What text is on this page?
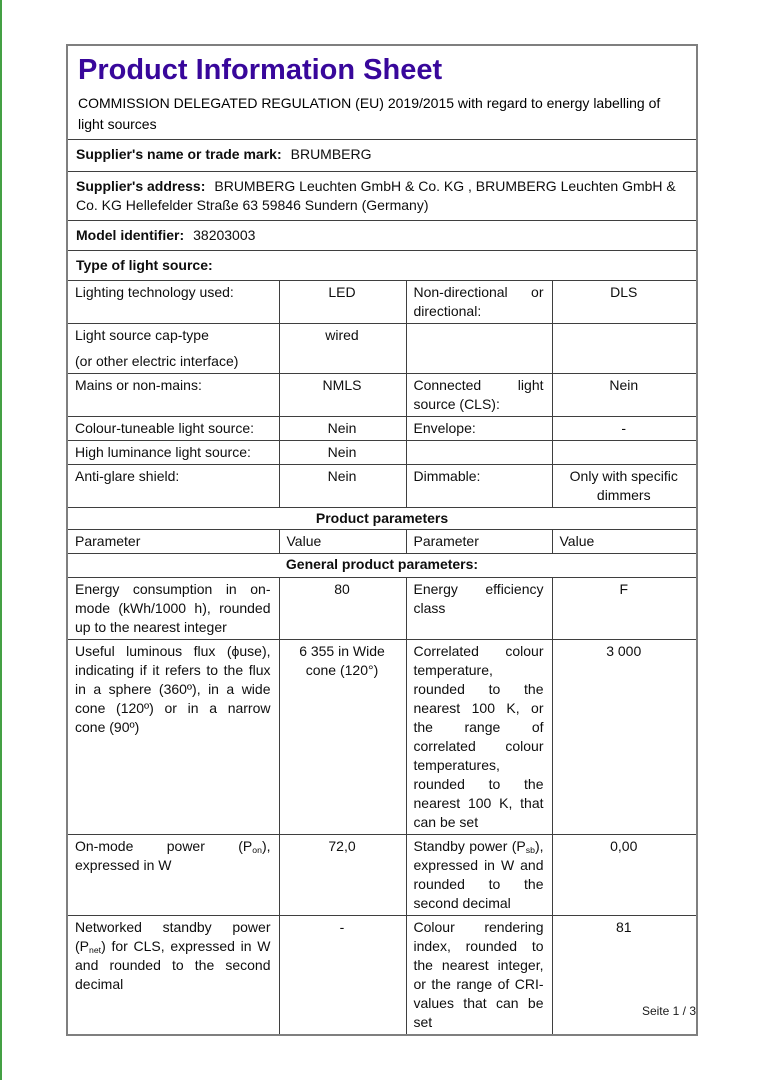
Product Information Sheet

COMMISSION DELEGATED REGULATION (EU) 2019/2015 with regard to energy labelling of light sources

Supplier's name or trade mark: BRUMBERG			
Supplier's address: BRUMBERG Leuchten GmbH & Co. KG , BRUMBERG Leuchten GmbH & Co. KG Hellefelder Straße 63 59846 Sundern (Germany)			
Model identifier: 38203003			
Type of light source:			
Lighting technology used:	LED	Non-directional or directional:	DLS

Light source cap-type
(or other electric interface)	wired		
Mains or non-mains:	NMLS	Connected light source (CLS):	Nein
Colour-tuneable light source:	Nein	Envelope:	-
High luminance light source:	Nein		
Anti-glare shield:	Nein	Dimmable:	Only with specific dimmers
Product parameters			
Parameter	Value	Parameter	Value
General product parameters:			
Energy consumption in on-mode (kWh/1000 h), rounded up to the nearest integer	80	Energy efficiency class	F
Useful luminous flux (ϕuse), indicating if it refers to the flux in a sphere (360º), in a wide cone (120º) or in a narrow cone (90º)	6 355 in Wide cone (120°)	Correlated colour temperature, rounded to the nearest 100 K, or the range of correlated colour temperatures, rounded to the nearest 100 K, that can be set	3 000
On-mode power $(P_{on})$, expressed in W	72,0	Standby power $(P_{sb})$, expressed in W and rounded to the second decimal	0,00
Networked standby power $(P_{net})$ for CLS, expressed in W and rounded to the second decimal	-	Colour rendering index, rounded to the nearest integer, or the range of CRI-values that can be set	81
Seite 1 / 3
